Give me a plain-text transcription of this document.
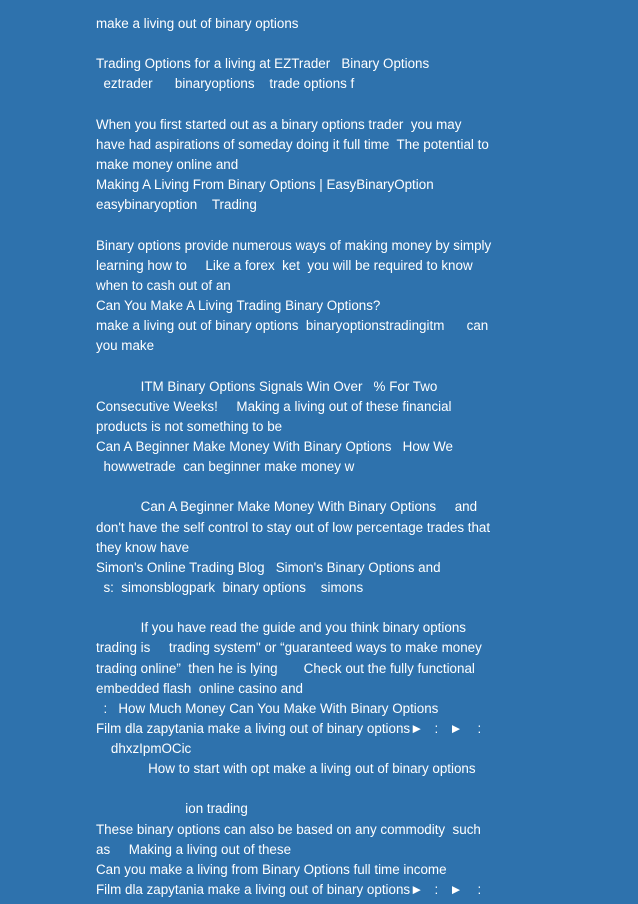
make a living out of binary options
Trading Options for a living at EZTrader   Binary Options
eztrader      binaryoptions    trade options f
When you first started out as a binary options trader  you may
have had aspirations of someday doing it full time  The potential to
make money online and
Making A Living From Binary Options | EasyBinaryOption
easybinaryoption    Trading
Binary options provide numerous ways of making money by simply
learning how to     Like a forex  ket  you will be required to know
when to cash out of an
Can You Make A Living Trading Binary Options?
make a living out of binary options  binaryoptionstradingitm      can
you make
ITM Binary Options Signals Win Over   % For Two
Consecutive Weeks!     Making a living out of these financial
products is not something to be
Can A Beginner Make Money With Binary Options   How We
howwetrade  can beginner make money w
Can A Beginner Make Money With Binary Options     and
don't have the self control to stay out of low percentage trades that
they know have
Simon's Online Trading Blog   Simon's Binary Options and
s:  simonsblogpark  binary options    simons
If you have read the guide and you think binary options
trading is     trading system" or “guaranteed ways to make money
trading online”  then he is lying       Check out the fully functional
embedded flash  online casino and
:   How Much Money Can You Make With Binary Options
Film dla zapytania make a living out of binary options►   :   ►    :
dhxzIpmOCic
How to start with opt make a living out of binary options
ion trading
These binary options can also be based on any commodity  such
as     Making a living out of these
Can you make a living from Binary Options full time income
Film dla zapytania make a living out of binary options►   :   ►    :
